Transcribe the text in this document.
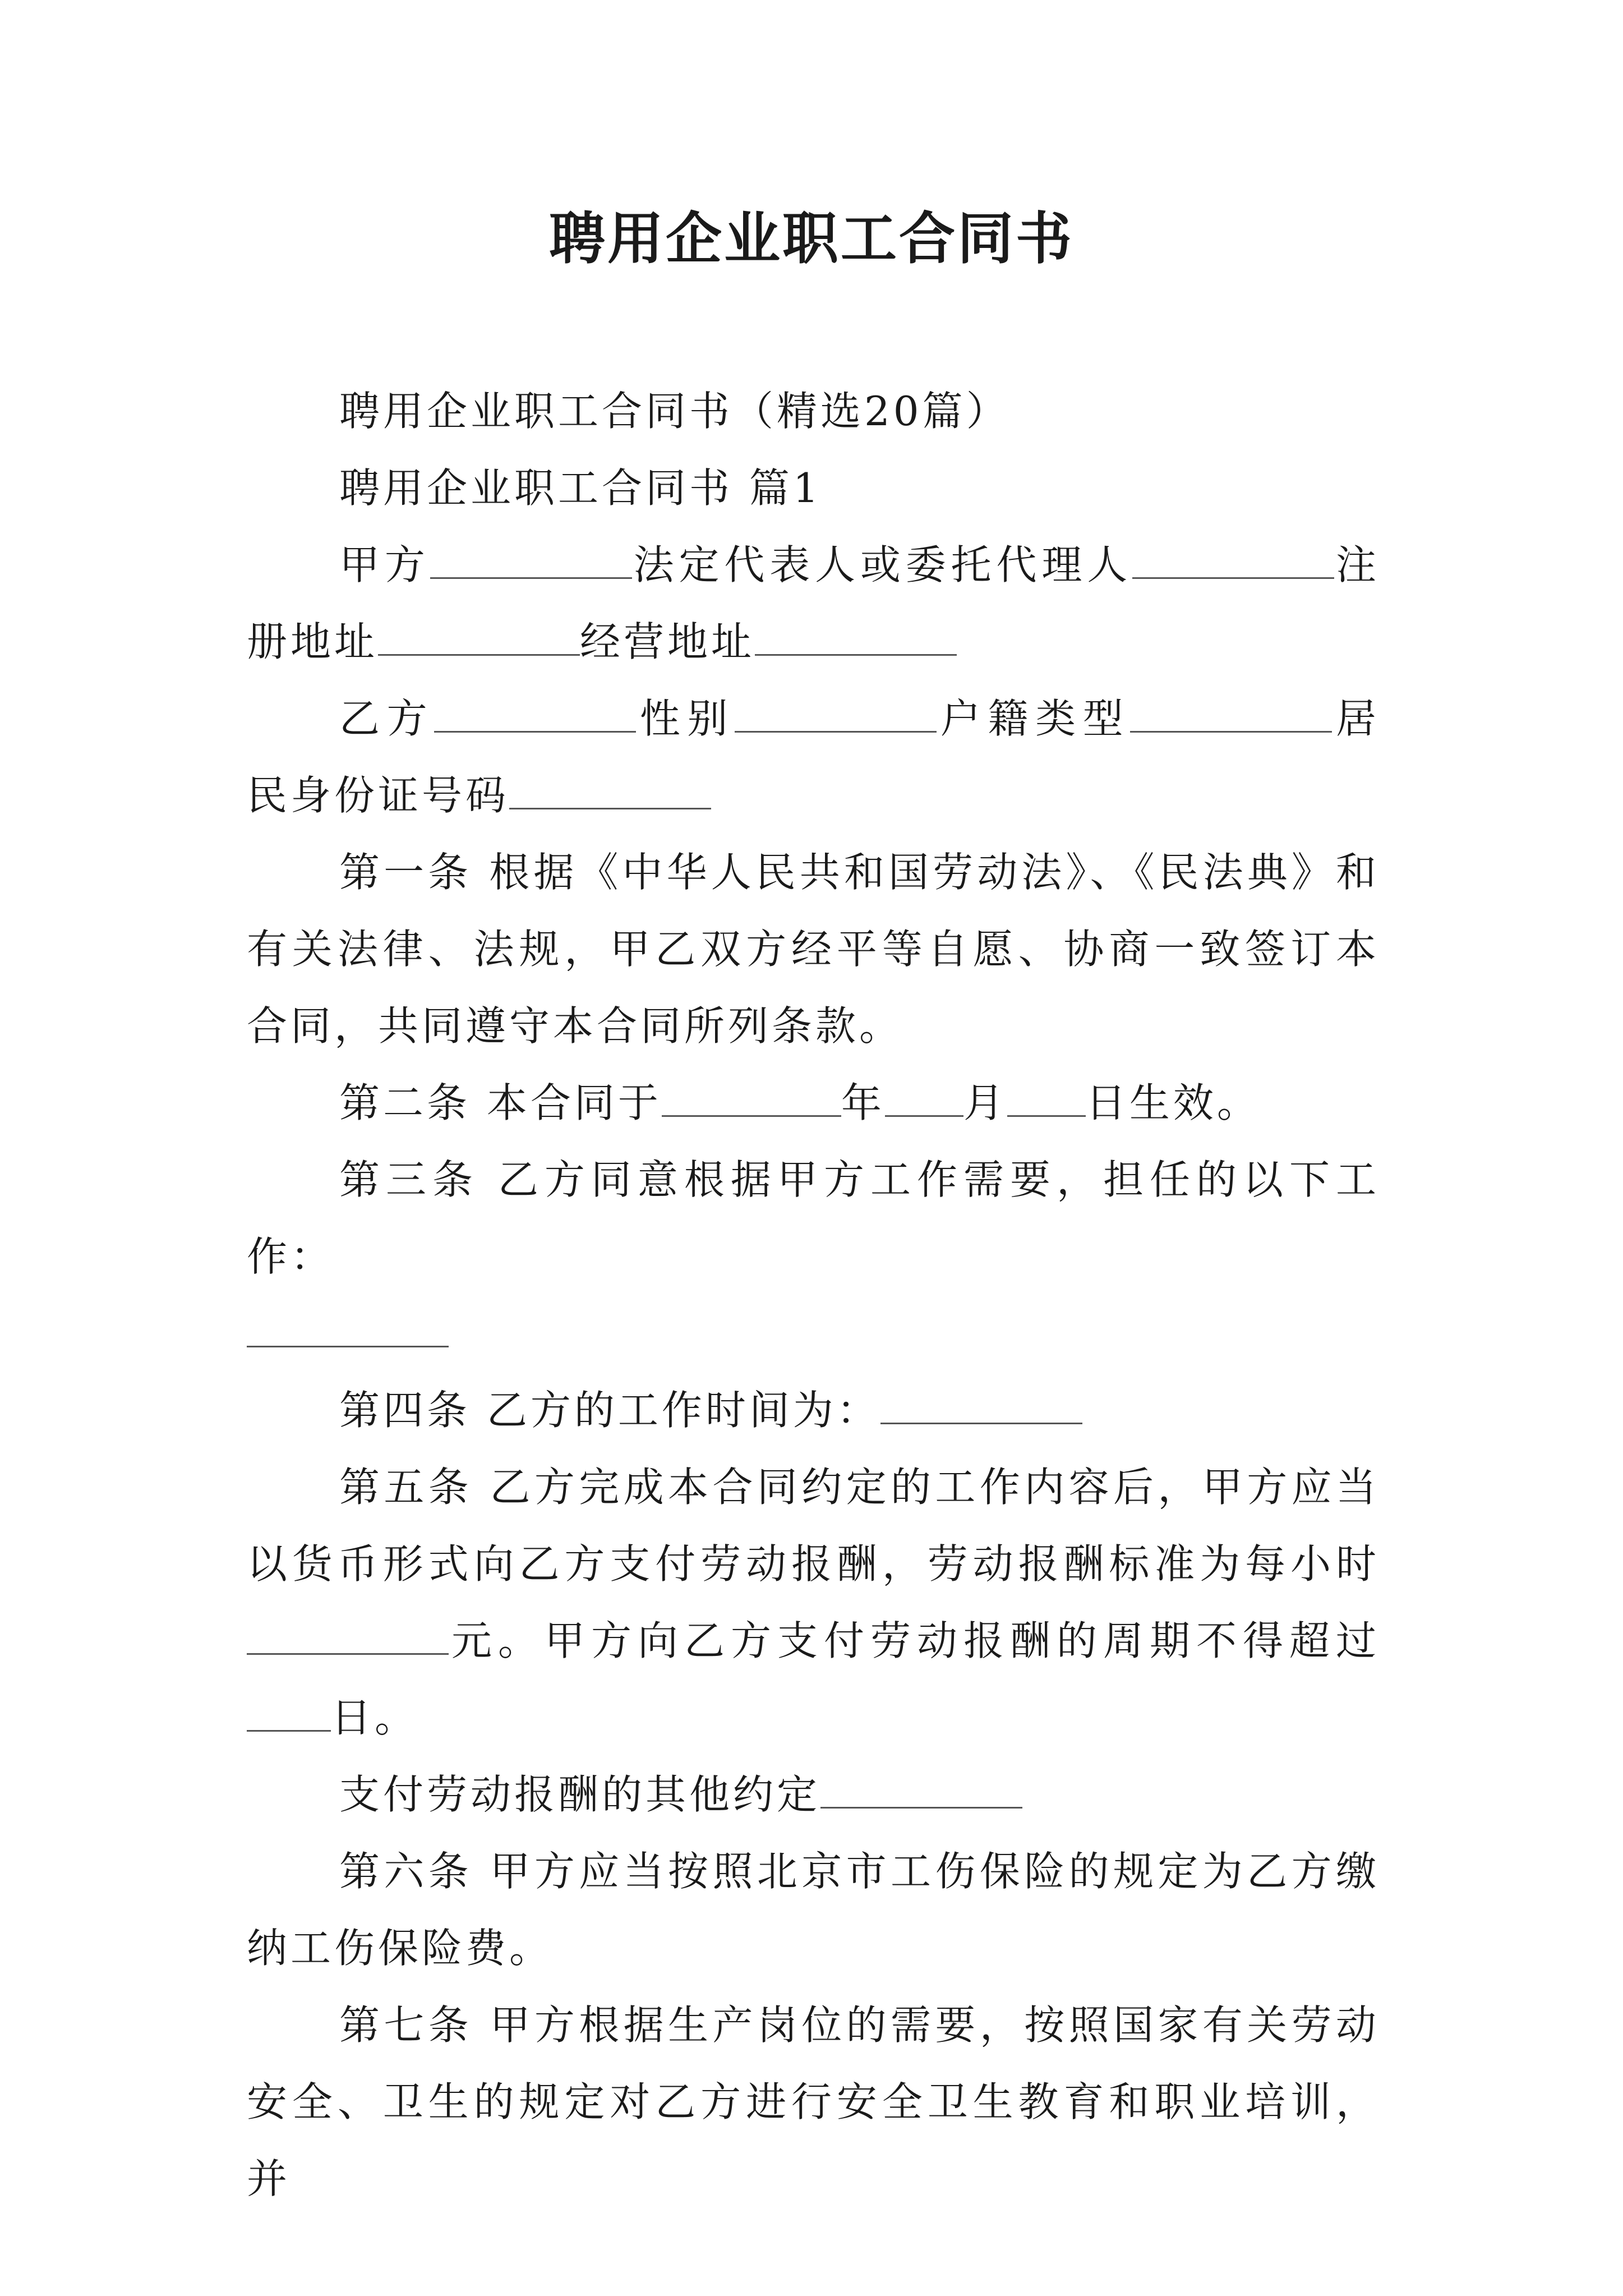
聘用企业职工合同书

聘用企业职工合同书（精选20篇）

聘用企业职工合同书 篇1

甲方	法定代表人或委托代理人	注册地址	经营地址

乙方	性别	户籍类型	居民身份证号码

第一条 根据《中华人民共和国劳动法》、《民法典》和有关法律、法规，甲乙双方经平等自愿、协商一致签订本合同，共同遵守本合同所列条款。

第二条 本合同于	年 月 日生效。

第三条 乙方同意根据甲方工作需要，担任的以下工作：

第四条 乙方的工作时间为：

第五条 乙方完成本合同约定的工作内容后，甲方应当以货币形式向乙方支付劳动报酬，劳动报酬标准为每小时元。甲方向乙方支付劳动报酬的周期不得超过日。

支付劳动报酬的其他约定

第六条 甲方应当按照北京市工伤保险的规定为乙方缴纳工伤保险费。

第七条 甲方根据生产岗位的需要，按照国家有关劳动安全、卫生的规定对乙方进行安全卫生教育和职业培训，并
